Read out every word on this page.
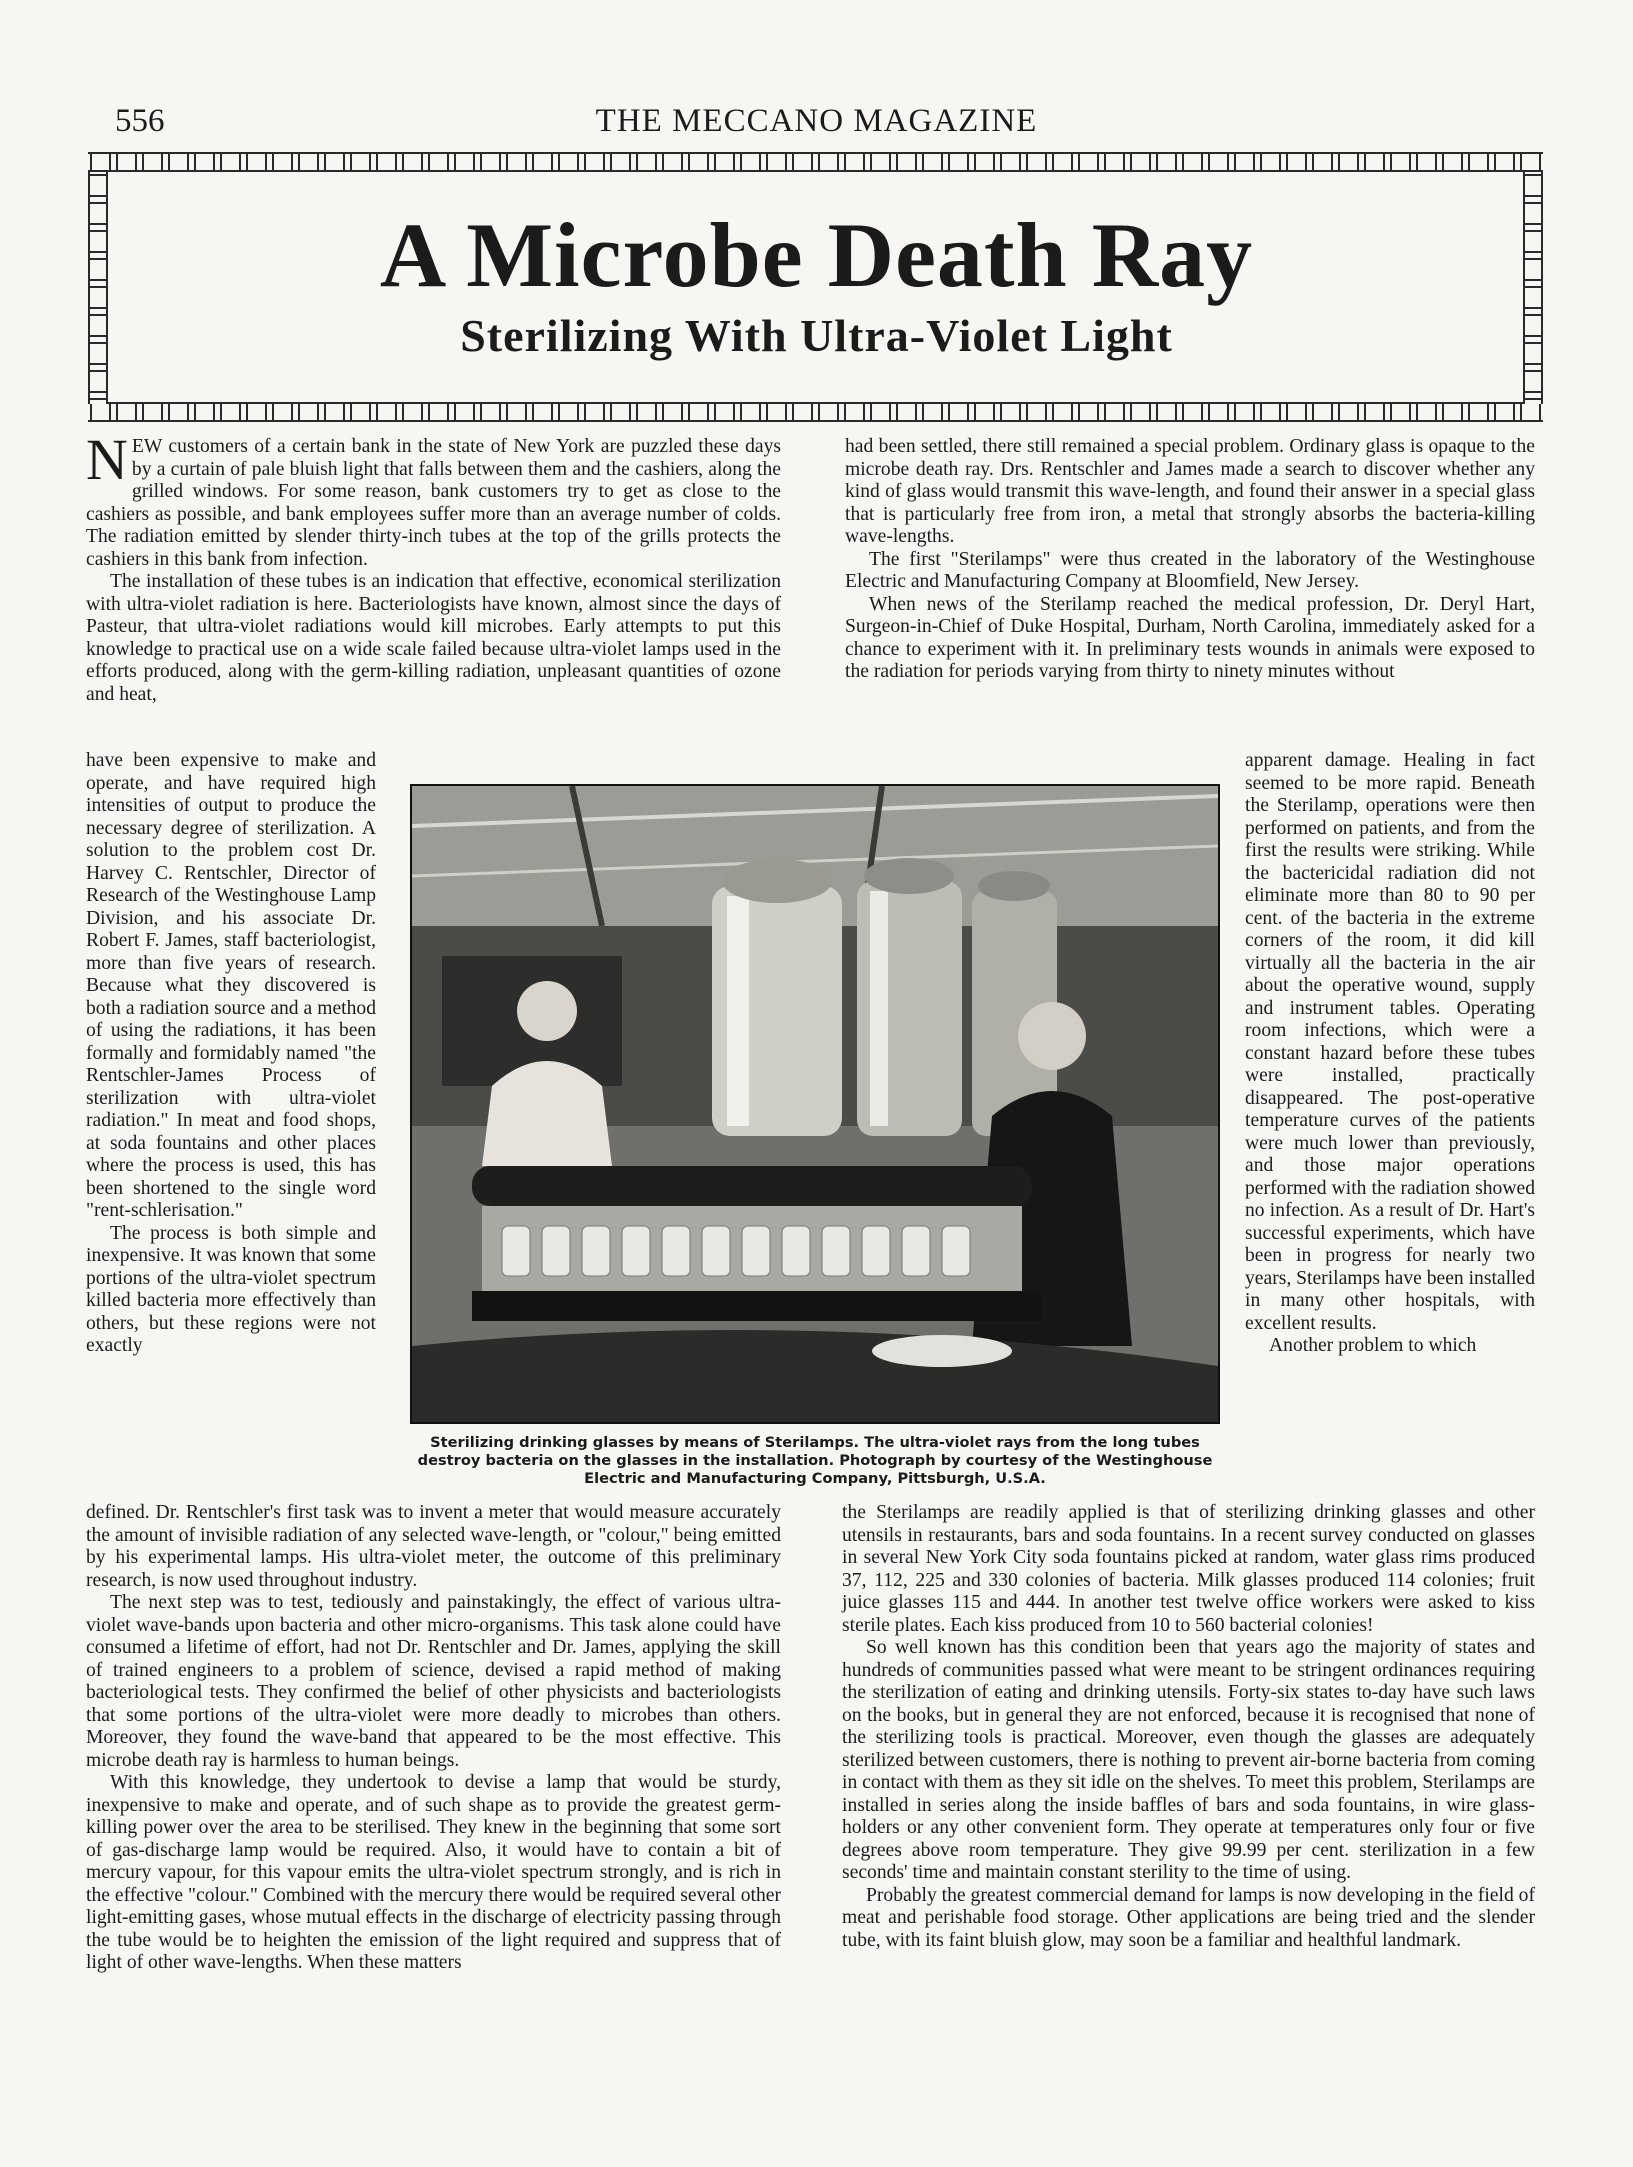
556	THE MECCANO MAGAZINE
A Microbe Death Ray
Sterilizing With Ultra-Violet Light

NEW customers of a certain bank in the state of New York are puzzled these days by a curtain of pale bluish light that falls between them and the cashiers, along the grilled windows. For some reason, bank customers try to get as close to the cashiers as possible, and bank employees suffer more than an average number of colds. The radiation emitted by slender thirty-inch tubes at the top of the grills protects the cashiers in this bank from infection.

The installation of these tubes is an indication that effective, economical sterilization with ultra-violet radiation is here. Bacteriologists have known, almost since the days of Pasteur, that ultra-violet radiations would kill microbes. Early attempts to put this knowledge to practical use on a wide scale failed because ultra-violet lamps used in the efforts produced, along with the germ-killing radiation, unpleasant quantities of ozone and heat,

have been expensive to make and operate, and have required high intensities of output to produce the necessary degree of sterilization. A solution to the problem cost Dr. Harvey C. Rentschler, Director of Research of the Westinghouse Lamp Division, and his associate Dr. Robert F. James, staff bacteriologist, more than five years of research. Because what they discovered is both a radiation source and a method of using the radiations, it has been formally and formidably named "the Rentschler-James Process of sterilization with ultra-violet radiation." In meat and food shops, at soda fountains and other places where the process is used, this has been shortened to the single word "rent-schlerisation."

The process is both simple and inexpensive. It was known that some portions of the ultra-violet spectrum killed bacteria more effectively than others, but these regions were not exactly

defined. Dr. Rentschler's first task was to invent a meter that would measure accurately the amount of invisible radiation of any selected wave-length, or "colour," being emitted by his experimental lamps. His ultra-violet meter, the outcome of this preliminary research, is now used throughout industry.

The next step was to test, tediously and painstakingly, the effect of various ultra-violet wave-bands upon bacteria and other micro-organisms. This task alone could have consumed a lifetime of effort, had not Dr. Rentschler and Dr. James, applying the skill of trained engineers to a problem of science, devised a rapid method of making bacteriological tests. They confirmed the belief of other physicists and bacteriologists that some portions of the ultra-violet were more deadly to microbes than others. Moreover, they found the wave-band that appeared to be the most effective. This microbe death ray is harmless to human beings.

With this knowledge, they undertook to devise a lamp that would be sturdy, inexpensive to make and operate, and of such shape as to provide the greatest germ-killing power over the area to be sterilised. They knew in the beginning that some sort of gas-discharge lamp would be required. Also, it would have to contain a bit of mercury vapour, for this vapour emits the ultra-violet spectrum strongly, and is rich in the effective "colour." Combined with the mercury there would be required several other light-emitting gases, whose mutual effects in the discharge of electricity passing through the tube would be to heighten the emission of the light required and suppress that of light of other wave-lengths. When these matters

had been settled, there still remained a special problem. Ordinary glass is opaque to the microbe death ray. Drs. Rentschler and James made a search to discover whether any kind of glass would transmit this wave-length, and found their answer in a special glass that is particularly free from iron, a metal that strongly absorbs the bacteria-killing wave-lengths.

The first "Sterilamps" were thus created in the laboratory of the Westinghouse Electric and Manufacturing Company at Bloomfield, New Jersey.

When news of the Sterilamp reached the medical profession, Dr. Deryl Hart, Surgeon-in-Chief of Duke Hospital, Durham, North Carolina, immediately asked for a chance to experiment with it. In preliminary tests wounds in animals were exposed to the radiation for periods varying from thirty to ninety minutes without

apparent damage. Healing in fact seemed to be more rapid. Beneath the Sterilamp, operations were then performed on patients, and from the first the results were striking. While the bactericidal radiation did not eliminate more than 80 to 90 per cent. of the bacteria in the extreme corners of the room, it did kill virtually all the bacteria in the air about the operative wound, supply and instrument tables. Operating room infections, which were a constant hazard before these tubes were installed, practically disappeared. The post-operative temperature curves of the patients were much lower than previously, and those major operations performed with the radiation showed no infection. As a result of Dr. Hart's successful experiments, which have been in progress for nearly two years, Sterilamps have been installed in many other hospitals, with excellent results.

Another problem to which

the Sterilamps are readily applied is that of sterilizing drinking glasses and other utensils in restaurants, bars and soda fountains. In a recent survey conducted on glasses in several New York City soda fountains picked at random, water glass rims produced 37, 112, 225 and 330 colonies of bacteria. Milk glasses produced 114 colonies; fruit juice glasses 115 and 444. In another test twelve office workers were asked to kiss sterile plates. Each kiss produced from 10 to 560 bacterial colonies!

So well known has this condition been that years ago the majority of states and hundreds of communities passed what were meant to be stringent ordinances requiring the sterilization of eating and drinking utensils. Forty-six states to-day have such laws on the books, but in general they are not enforced, because it is recognised that none of the sterilizing tools is practical. Moreover, even though the glasses are adequately sterilized between customers, there is nothing to prevent air-borne bacteria from coming in contact with them as they sit idle on the shelves. To meet this problem, Sterilamps are installed in series along the inside baffles of bars and soda fountains, in wire glass-holders or any other convenient form. They operate at temperatures only four or five degrees above room temperature. They give 99.99 per cent. sterilization in a few seconds' time and maintain constant sterility to the time of using.

Probably the greatest commercial demand for lamps is now developing in the field of meat and perishable food storage. Other applications are being tried and the slender tube, with its faint bluish glow, may soon be a familiar and healthful landmark.

Sterilizing drinking glasses by means of Sterilamps. The ultra-violet rays from the long tubes destroy bacteria on the glasses in the installation. Photograph by courtesy of the Westinghouse Electric and Manufacturing Company, Pittsburgh, U.S.A.
